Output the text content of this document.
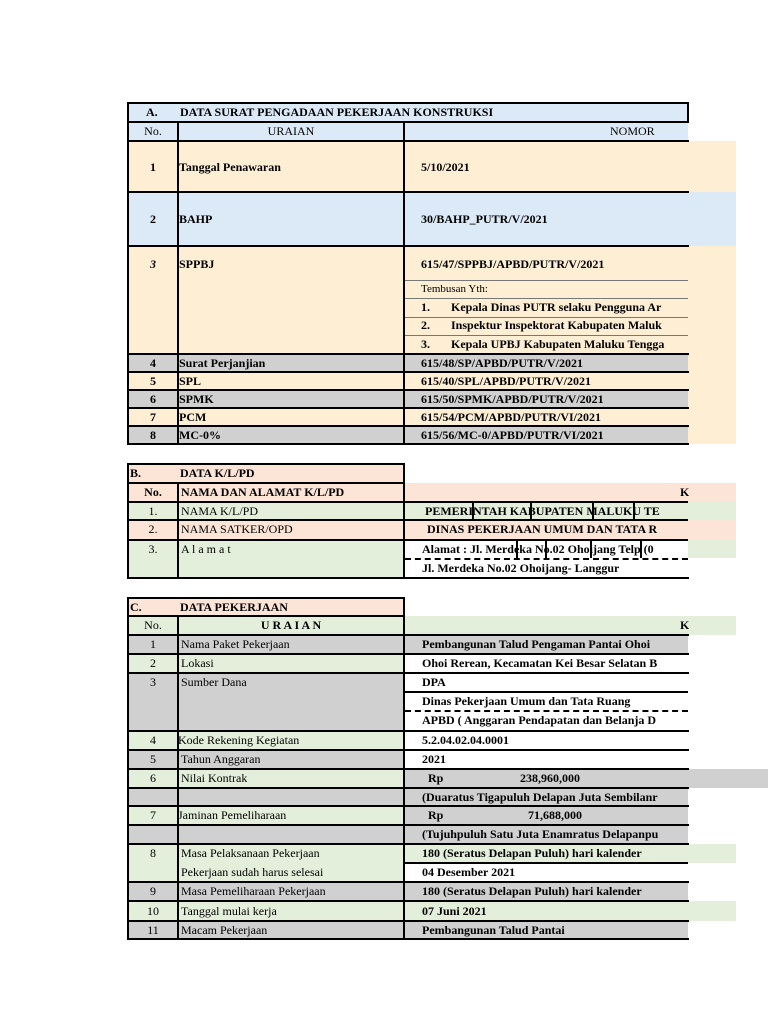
A. DATA SURAT PENGADAAN PEKERJAAN KONSTRUKSI
No.	URAIAN	NOMOR
1	Tanggal Penawaran	5/10/2021
2	BAHP	30/BAHP_PUTR/V/2021
3	SPPBJ	615/47/SPPBJ/APBD/PUTR/V/2021
Tembusan Yth:
1. Kepala Dinas PUTR selaku Pengguna Ar
2. Inspektur Inspektorat Kabupaten Maluk
3. Kepala UPBJ Kabupaten Maluku Tengga
4	Surat Perjanjian	615/48/SP/APBD/PUTR/V/2021
5	SPL	615/40/SPL/APBD/PUTR/V/2021
6	SPMK	615/50/SPMK/APBD/PUTR/V/2021
7	PCM	615/54/PCM/APBD/PUTR/VI/2021
8	MC-0%	615/56/MC-0/APBD/PUTR/VI/2021
B.	DATA K/L/PD
No.	NAMA DAN ALAMAT K/L/PD	K
1.	NAMA K/L/PD	PEMERINTAH KABUPATEN MALUKU TE
2.	NAMA SATKER/OPD	DINAS PEKERJAAN UMUM DAN TATA R
3.	A l a m a t	Alamat : Jl. Merdeka No.02 Ohoijang Telp (0
Jl. Merdeka No.02 Ohoijang- Langgur
C.	DATA PEKERJAAN
No.	U R A I A N	K
1	Nama Paket Pekerjaan	Pembangunan Talud Pengaman Pantai Ohoi
2	Lokasi	Ohoi Rerean, Kecamatan Kei Besar Selatan B
3	Sumber Dana	DPA
Dinas Pekerjaan Umum dan Tata Ruang
APBD ( Anggaran Pendapatan dan Belanja D
4	Kode Rekening Kegiatan	5.2.04.02.04.0001
5	Tahun Anggaran	2021
6	Nilai Kontrak	Rp	238,960,000
(Duaratus Tigapuluh Delapan Juta Sembilanr
7	Jaminan Pemeliharaan	Rp	71,688,000
(Tujuhpuluh Satu Juta Enamratus Delapanpu
8	Masa Pelaksanaan Pekerjaan	180 (Seratus Delapan Puluh) hari kalender
Pekerjaan sudah harus selesai	04 Desember 2021
9	Masa Pemeliharaan Pekerjaan	180 (Seratus Delapan Puluh) hari kalender
10	Tanggal mulai kerja	07 Juni 2021
11	Macam Pekerjaan	Pembangunan Talud Pantai
